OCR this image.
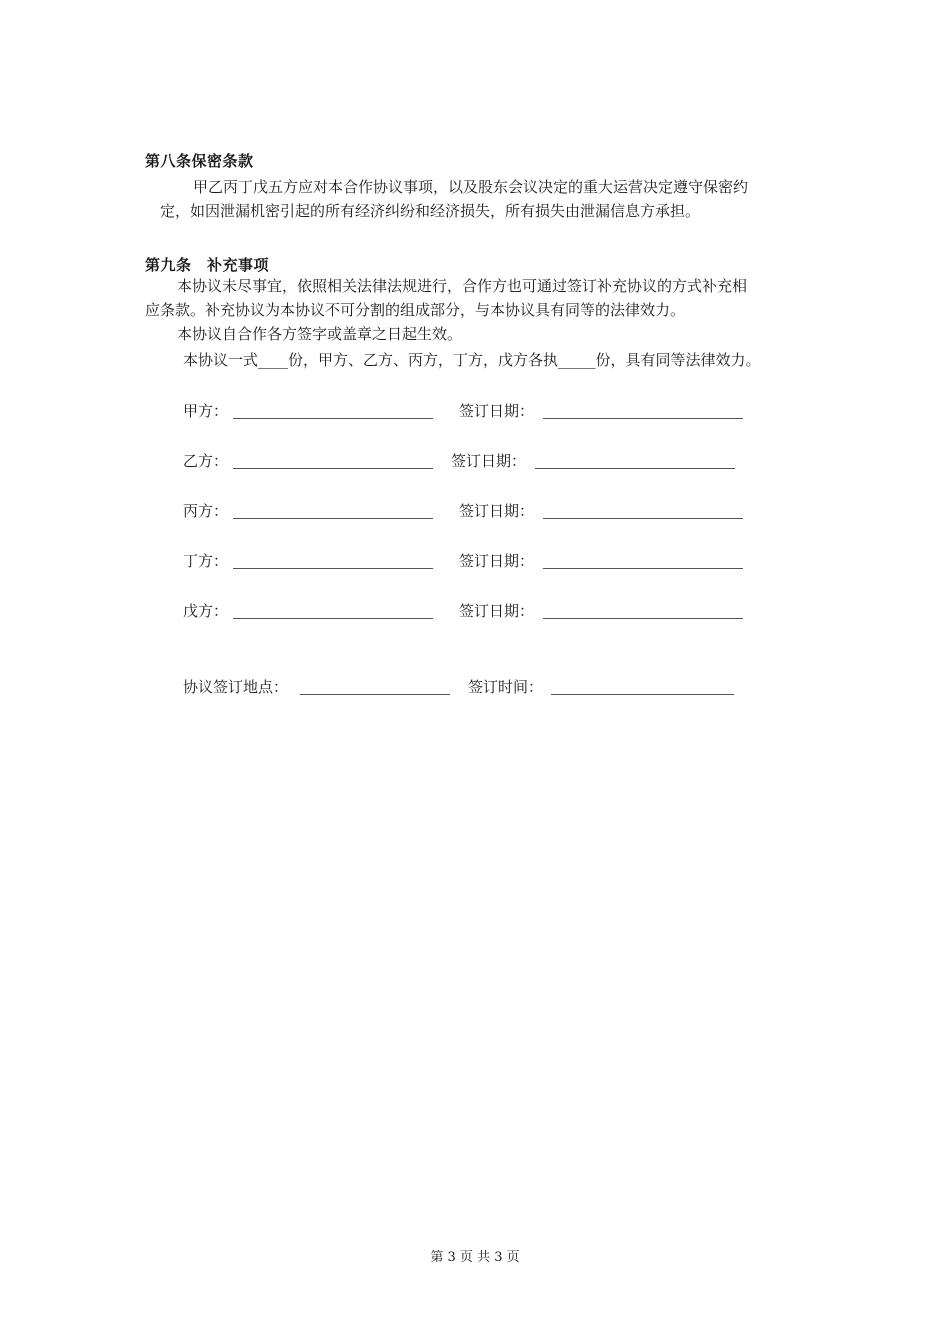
第八条保密条款
甲乙丙丁戊五方应对本合作协议事项，以及股东会议决定的重大运营决定遵守保密约
定，如因泄漏机密引起的所有经济纠纷和经济损失，所有损失由泄漏信息方承担。
第九条　补充事项
本协议未尽事宜，依照相关法律法规进行，合作方也可通过签订补充协议的方式补充相
应条款。补充协议为本协议不可分割的组成部分，与本协议具有同等的法律效力。
本协议自合作各方签字或盖章之日起生效。
本协议一式____份，甲方、乙方、丙方，丁方，戊方各执_____份，具有同等法律效力。
甲方：	签订日期：
乙方：	签订日期：
丙方：	签订日期：
丁方：	签订日期：
戊方：	签订日期：
协议签订地点：	签订时间：
第 3 页 共 3 页
